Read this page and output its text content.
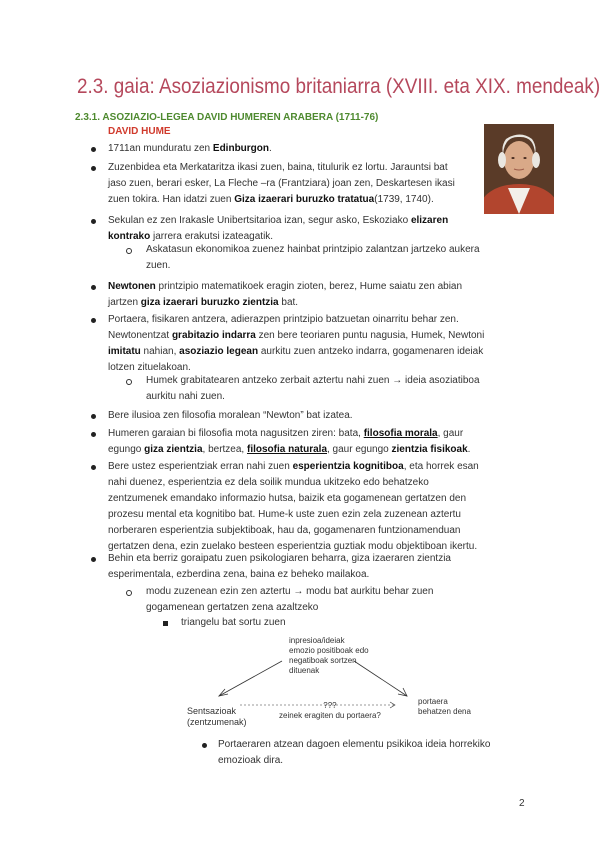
2.3. gaia: Asoziazionismo britaniarra (XVIII. eta XIX. mendeak)
2.3.1. ASOZIAZIO-LEGEA DAVID HUMEREN ARABERA (1711-76)
DAVID HUME
1711an munduratu zen Edinburgon.
Zuzenbidea eta Merkataritza ikasi zuen, baina, titulurik ez lortu. Jarauntsi bat
jaso zuen, berari esker, La Fleche –ra (Frantziara) joan zen, Deskartesen ikasi
zuen tokira. Han idatzi zuen Giza izaerari buruzko tratatua(1739, 1740).
Sekulan ez zen Irakasle Unibertsitarioa izan, segur asko, Eskoziako elizaren
kontrako jarrera erakutsi izateagatik.
Askatasun ekonomikoa zuenez hainbat printzipio zalantzan jartzeko aukera
zuen.
Newtonen printzipio matematikoek eragin zioten, berez, Hume saiatu zen abian
jartzen giza izaerari buruzko zientzia bat.
Portaera, fisikaren antzera, adierazpen printzipio batzuetan oinarritu behar zen.
Newtonentzat grabitazio indarra zen bere teoriaren puntu nagusia, Humek, Newtoni
imitatu nahian, asoziazio legean aurkitu zuen antzeko indarra, gogamenaren ideiak
lotzen zituelakoan.
Humek grabitatearen antzeko zerbait aztertu nahi zuen → ideia asoziatiboa
aurkitu nahi zuen.
Bere ilusioa zen filosofia moralean “Newton” bat izatea.
Humeren garaian bi filosofia mota nagusitzen ziren: bata, filosofia morala, gaur
egungo giza zientzia, bertzea, filosofia naturala, gaur egungo zientzia fisikoak.
Bere ustez esperientziak erran nahi zuen esperientzia kognitiboa, eta horrek esan
nahi duenez, esperientzia ez dela soilik mundua ukitzeko edo behatzeko
zentzumenek emandako informazio hutsa, baizik eta gogamenean gertatzen den
prozesu mental eta kognitibo bat. Hume-k uste zuen ezin zela zuzenean aztertu
norberaren esperientzia subjektiboak, hau da, gogamenaren funtzionamenduan
gertatzen dena, ezin zuelako besteen esperientzia guztiak modu objektiboan ikertu.
Behin eta berriz goraipatu zuen psikologiaren beharra, giza izaeraren zientzia
esperimentala, ezberdina zena, baina ez beheko mailakoa.
modu zuzenean ezin zen aztertu → modu bat aurkitu behar zuen
gogamenean gertatzen zena azaltzeko
triangelu bat sortu zuen
inpresioa/ideiak
emozio positiboak edo
negatiboak sortzen
dituenak
Sentsazioak
(zentzumenak)
portaera
behatzen dena
???
zeinek eragiten du portaera?
Portaeraren atzean dagoen elementu psikikoa ideia horrekiko
emozioak dira.
2
